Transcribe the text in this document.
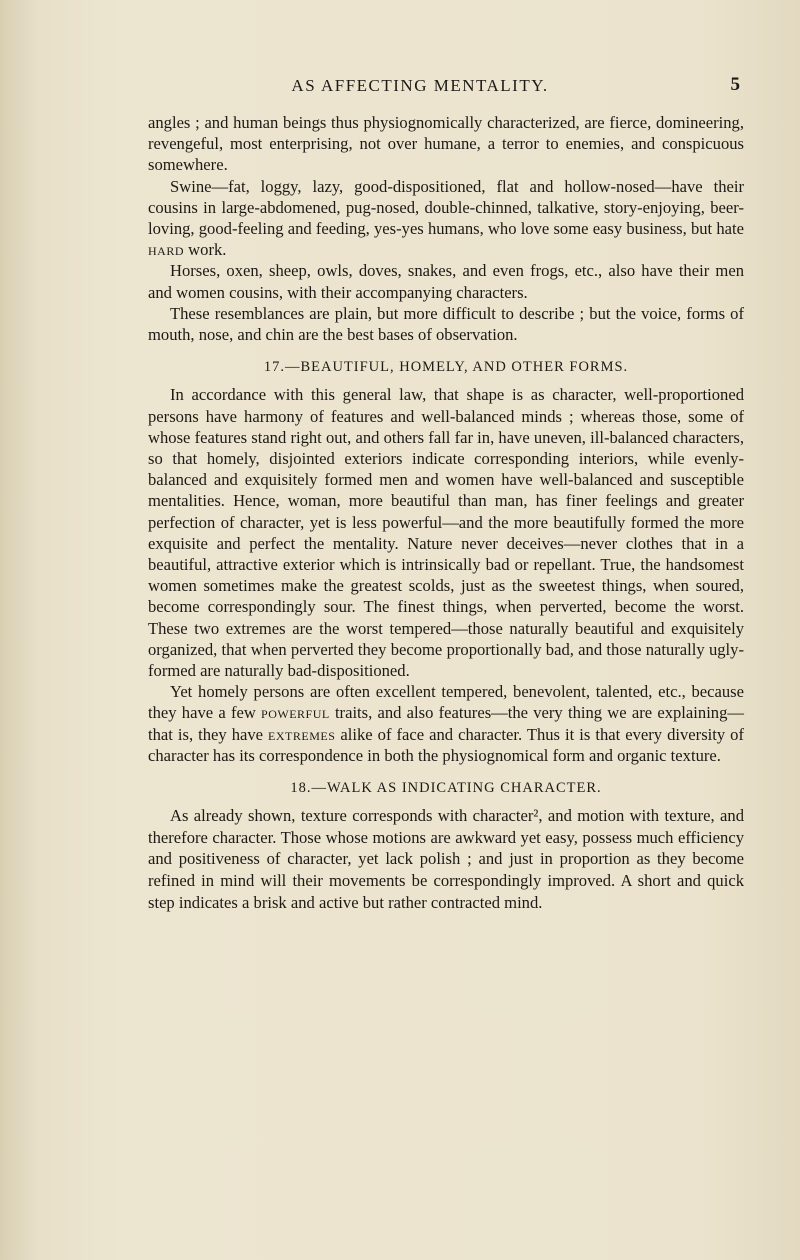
AS AFFECTING MENTALITY.	5

angles ; and human beings thus physiognomically characterized, are fierce, domineering, revengeful, most enterprising, not over humane, a terror to enemies, and conspicuous somewhere.

Swine—fat, loggy, lazy, good-dispositioned, flat and hollow-nosed—have their cousins in large-abdomened, pug-nosed, double-chinned, talkative, story-enjoying, beer-loving, good-feeling and feeding, yes-yes humans, who love some easy business, but hate hard work.

Horses, oxen, sheep, owls, doves, snakes, and even frogs, etc., also have their men and women cousins, with their accompanying characters.

These resemblances are plain, but more difficult to describe ; but the voice, forms of mouth, nose, and chin are the best bases of observation.

17.—BEAUTIFUL, HOMELY, AND OTHER FORMS.

In accordance with this general law, that shape is as character, well-proportioned persons have harmony of features and well-balanced minds ; whereas those, some of whose features stand right out, and others fall far in, have uneven, ill-balanced characters, so that homely, disjointed exteriors indicate corresponding interiors, while evenly-balanced and exquisitely formed men and women have well-balanced and susceptible mentalities. Hence, woman, more beautiful than man, has finer feelings and greater perfection of character, yet is less powerful—and the more beautifully formed the more exquisite and perfect the mentality. Nature never deceives—never clothes that in a beautiful, attractive exterior which is intrinsically bad or repellant. True, the handsomest women sometimes make the greatest scolds, just as the sweetest things, when soured, become correspondingly sour. The finest things, when perverted, become the worst. These two extremes are the worst tempered—those naturally beautiful and exquisitely organized, that when perverted they become proportionally bad, and those naturally ugly-formed are naturally bad-dispositioned.

Yet homely persons are often excellent tempered, benevolent, talented, etc., because they have a few powerful traits, and also features—the very thing we are explaining—that is, they have extremes alike of face and character. Thus it is that every diversity of character has its correspondence in both the physiognomical form and organic texture.

18.—WALK AS INDICATING CHARACTER.

As already shown, texture corresponds with character², and motion with texture, and therefore character. Those whose motions are awkward yet easy, possess much efficiency and positiveness of character, yet lack polish ; and just in proportion as they become refined in mind will their movements be correspondingly improved. A short and quick step indicates a brisk and active but rather contracted mind.
